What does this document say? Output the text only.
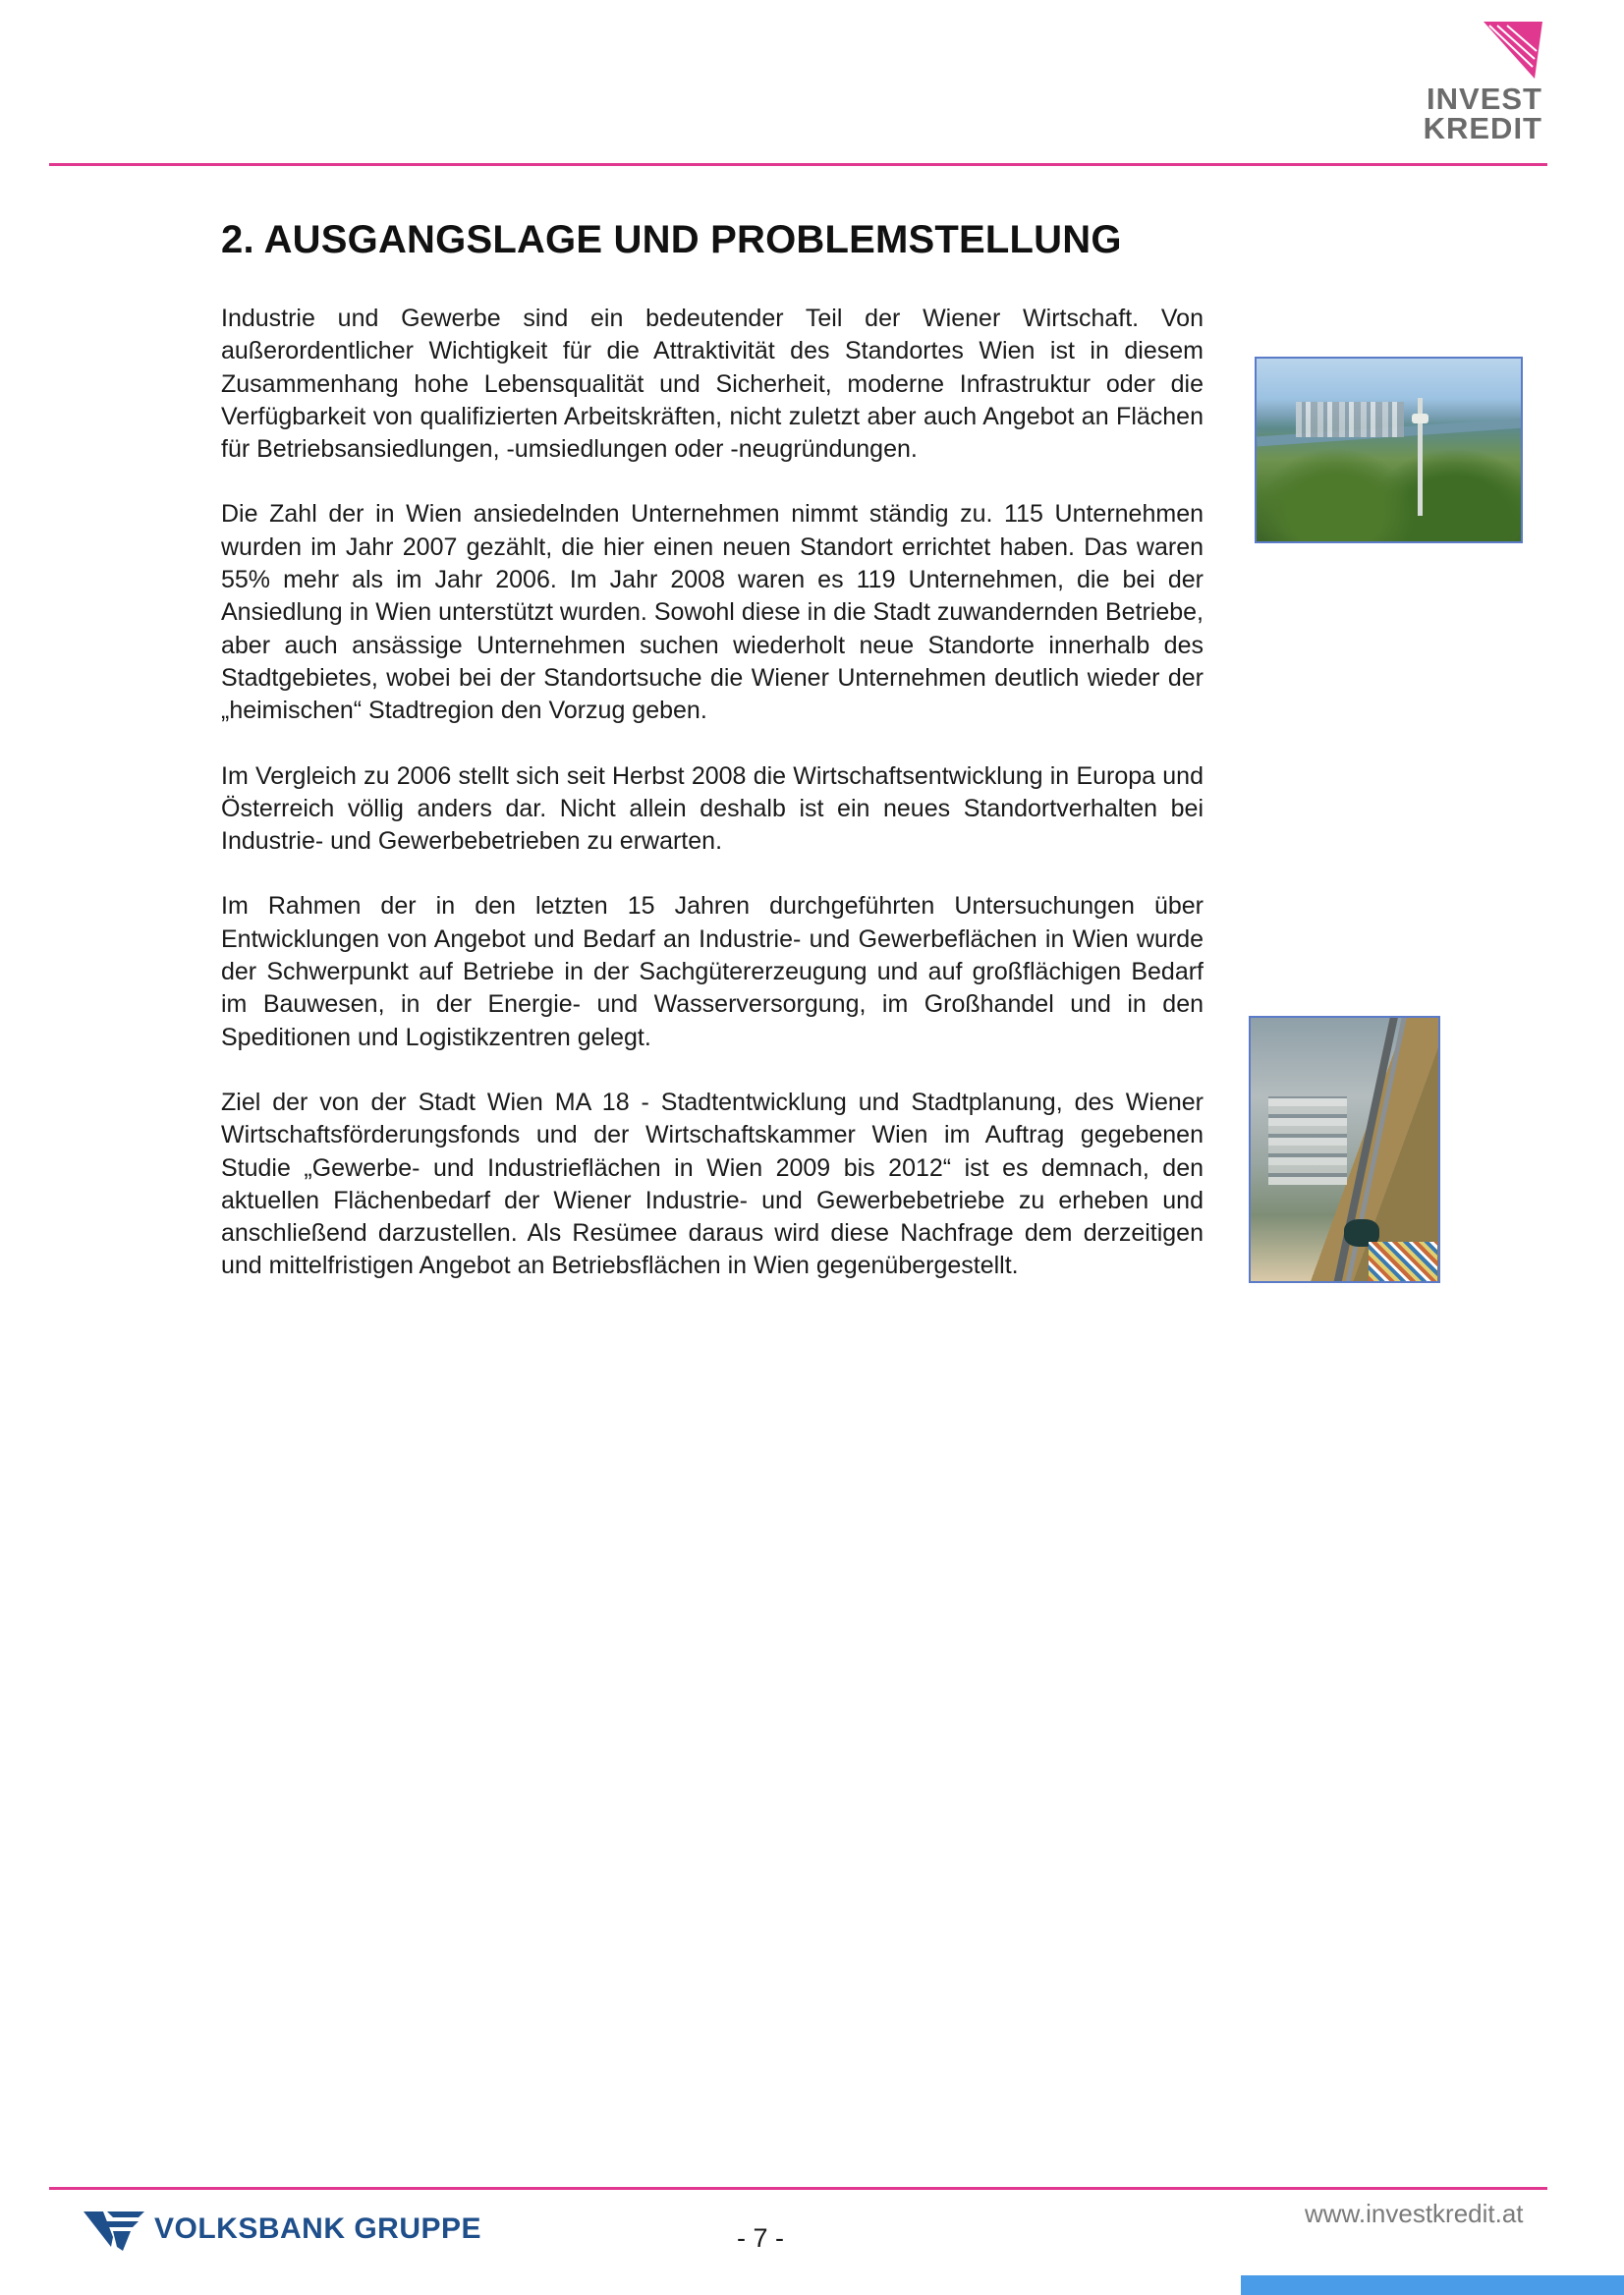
INVEST
KREDIT
2. AUSGANGSLAGE UND PROBLEMSTELLUNG

Industrie und Gewerbe sind ein bedeutender Teil der Wiener Wirtschaft. Von außerordentlicher Wichtigkeit für die Attraktivität des Standortes Wien ist in diesem Zusammenhang hohe Lebensqualität und Sicherheit, moderne Infrastruktur oder die Verfügbarkeit von qualifizierten Arbeitskräften, nicht zuletzt aber auch Angebot an Flächen für Betriebsansiedlungen, -umsiedlungen oder -neugründungen.

Die Zahl der in Wien ansiedelnden Unternehmen nimmt ständig zu. 115 Unternehmen wurden im Jahr 2007 gezählt, die hier einen neuen Standort errichtet haben. Das waren 55% mehr als im Jahr 2006. Im Jahr 2008 waren es 119 Unternehmen, die bei der Ansiedlung in Wien unterstützt wurden. Sowohl diese in die Stadt zuwandernden Betriebe, aber auch ansässige Unternehmen suchen wiederholt neue Standorte innerhalb des Stadtgebietes, wobei bei der Standortsuche die Wiener Unternehmen deutlich wieder der „heimischen“ Stadtregion den Vorzug geben.

Im Vergleich zu 2006 stellt sich seit Herbst 2008 die Wirtschaftsentwicklung in Europa und Österreich völlig anders dar. Nicht allein deshalb ist ein neues Standortverhalten bei Industrie- und Gewerbebetrieben zu erwarten.

Im Rahmen der in den letzten 15 Jahren durchgeführten Untersuchungen über Entwicklungen von Angebot und Bedarf an Industrie- und Gewerbeflächen in Wien wurde der Schwerpunkt auf Betriebe in der Sachgütererzeugung und auf großflächigen Bedarf im Bauwesen, in der Energie- und Wasserversorgung, im Großhandel und in den Speditionen und Logistikzentren gelegt.

Ziel der von der Stadt Wien MA 18 - Stadtentwicklung und Stadtplanung, des Wiener Wirtschaftsförderungsfonds und der Wirtschaftskammer Wien im Auftrag gegebenen Studie „Gewerbe- und Industrieflächen in Wien 2009 bis 2012“ ist es demnach, den aktuellen Flächenbedarf der Wiener Industrie- und Gewerbebetriebe zu erheben und anschließend darzustellen. Als Resümee daraus wird diese Nachfrage dem derzeitigen und mittelfristigen Angebot an Betriebsflächen in Wien gegenübergestellt.

VOLKSBANK GRUPPE	- 7 -
www.investkredit.at
